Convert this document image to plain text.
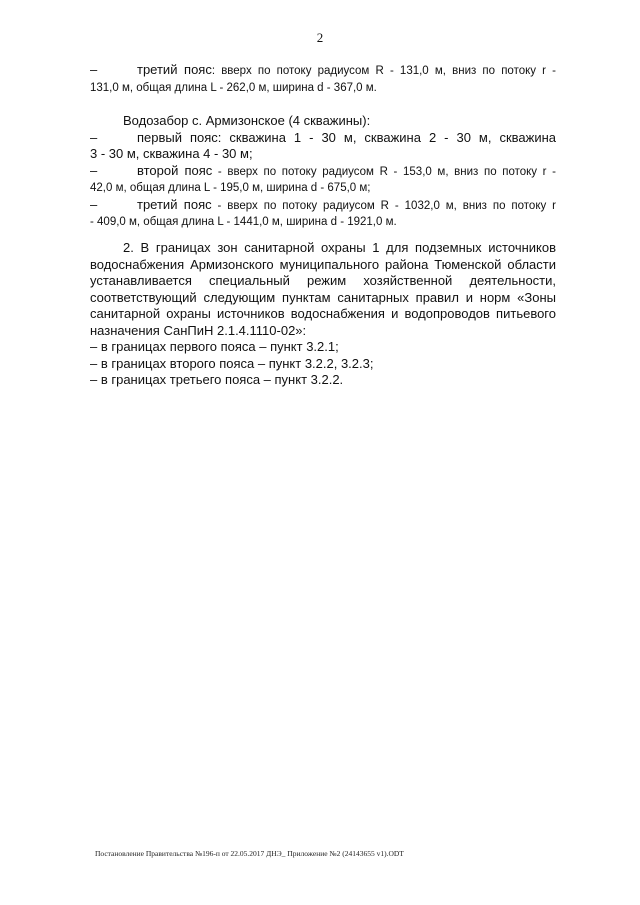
2
–	третий пояс: вверх по потоку радиусом R - 131,0 м, вниз по потоку r -
131,0 м, общая длина L - 262,0 м, ширина d - 367,0 м.

Водозабор с. Армизонское (4 скважины):

–	первый пояс: скважина 1 - 30 м, скважина 2 - 30 м, скважина
3 - 30 м, скважина 4 - 30 м;
–	второй пояс - вверх по потоку радиусом R - 153,0 м, вниз по потоку r -
42,0 м, общая длина L - 195,0 м, ширина d - 675,0 м;
–	третий пояс - вверх по потоку радиусом R - 1032,0 м, вниз по потоку r
- 409,0 м, общая длина L - 1441,0 м, ширина d - 1921,0 м.
2. В границах зон санитарной охраны 1 для подземных источников
водоснабжения Армизонского муниципального района Тюменской области
устанавливается специальный режим хозяйственной деятельности,
соответствующий следующим пунктам санитарных правил и норм «Зоны
санитарной охраны источников водоснабжения и водопроводов питьевого
назначения СанПиН 2.1.4.1110-02»:
– в границах первого пояса – пункт 3.2.1;
– в границах второго пояса – пункт 3.2.2, 3.2.3;
– в границах третьего пояса – пункт 3.2.2.
Постановление Правительства №196-п от 22.05.2017 ДНЭ_ Приложение №2 (24143655 v1).ODT
